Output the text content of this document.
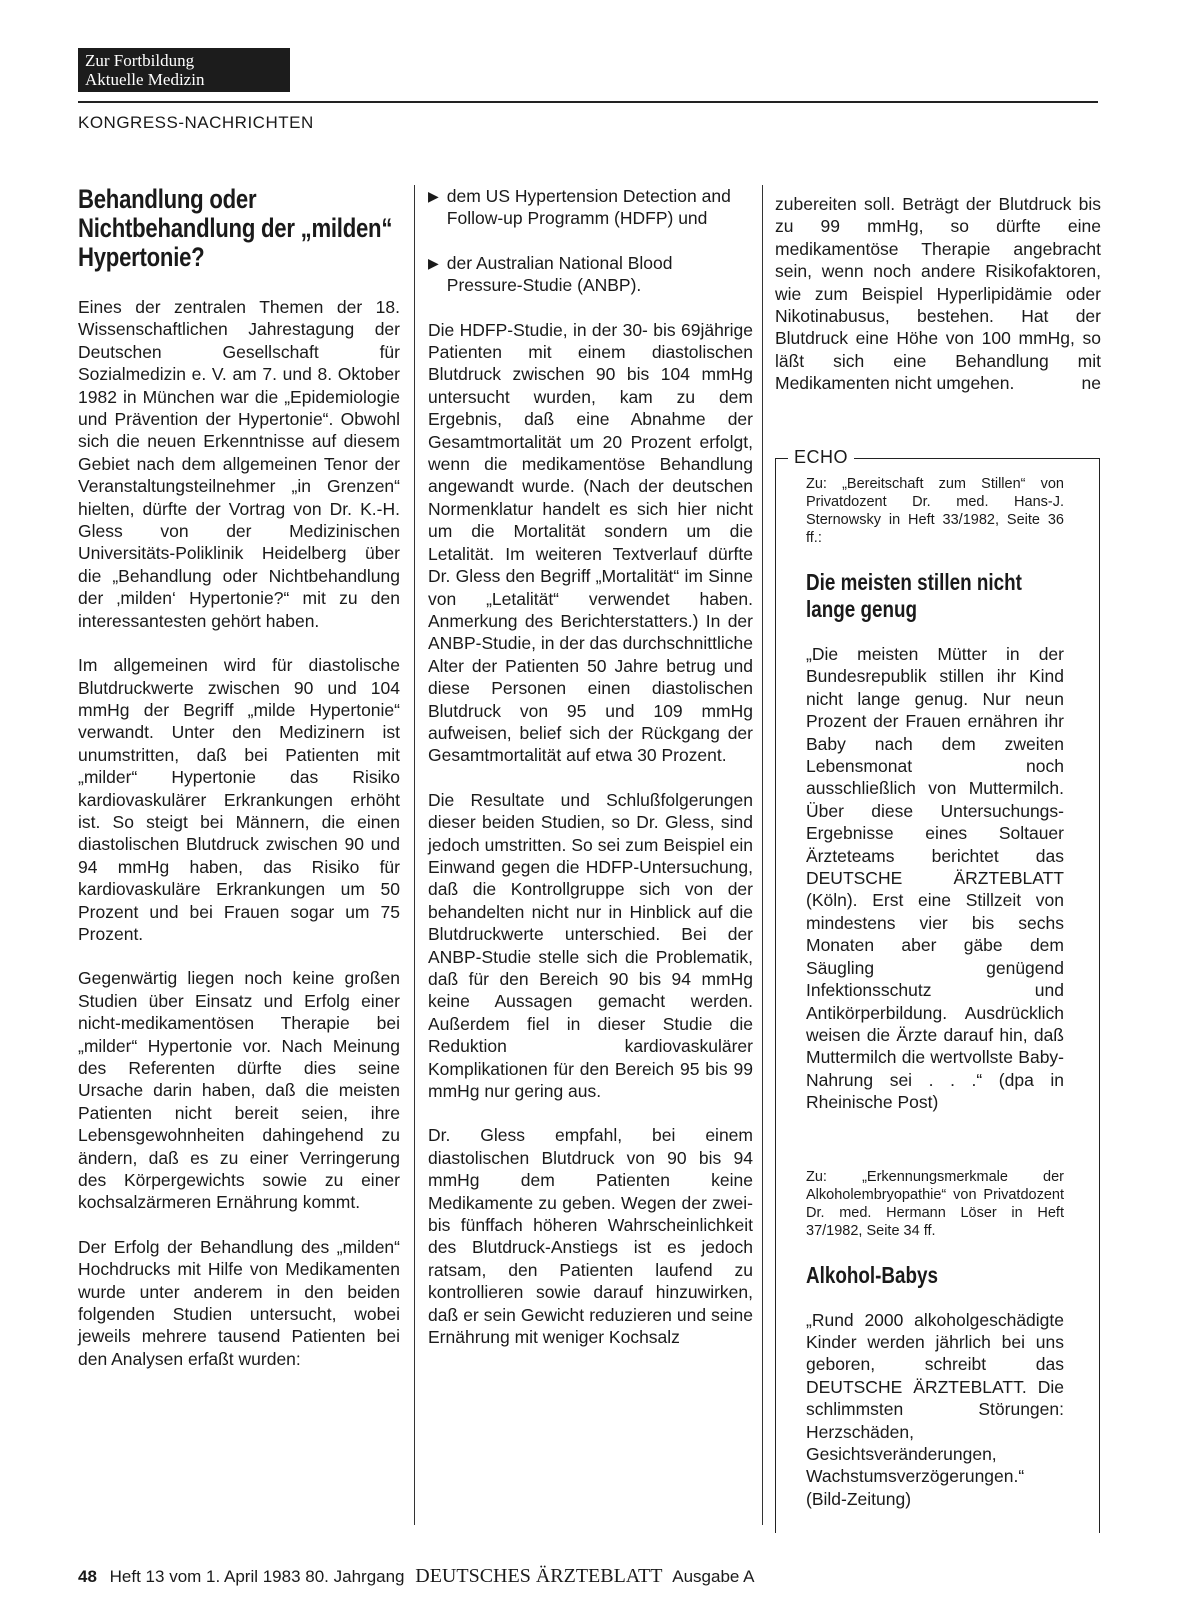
Zur Fortbildung
Aktuelle Medizin
KONGRESS-NACHRICHTEN
Behandlung oder Nichtbehandlung der „milden“ Hypertonie?

Eines der zentralen Themen der 18. Wissenschaftlichen Jahrestagung der Deutschen Gesellschaft für Sozialmedizin e. V. am 7. und 8. Oktober 1982 in München war die „Epidemiologie und Prävention der Hypertonie“. Obwohl sich die neuen Erkenntnisse auf diesem Gebiet nach dem allgemeinen Tenor der Veranstaltungsteilnehmer „in Grenzen“ hielten, dürfte der Vortrag von Dr. K.-H. Gless von der Medizinischen Universitäts-Poliklinik Heidelberg über die „Behandlung oder Nichtbehandlung der ‚milden‘ Hypertonie?“ mit zu den interessantesten gehört haben.

Im allgemeinen wird für diastolische Blutdruckwerte zwischen 90 und 104 mmHg der Begriff „milde Hypertonie“ verwandt. Unter den Medizinern ist unumstritten, daß bei Patienten mit „milder“ Hypertonie das Risiko kardiovaskulärer Erkrankungen erhöht ist. So steigt bei Männern, die einen diastolischen Blutdruck zwischen 90 und 94 mmHg haben, das Risiko für kardiovaskuläre Erkrankungen um 50 Prozent und bei Frauen sogar um 75 Prozent.

Gegenwärtig liegen noch keine großen Studien über Einsatz und Erfolg einer nicht-medikamentösen Therapie bei „milder“ Hypertonie vor. Nach Meinung des Referenten dürfte dies seine Ursache darin haben, daß die meisten Patienten nicht bereit seien, ihre Lebensgewohnheiten dahingehend zu ändern, daß es zu einer Verringerung des Körpergewichts sowie zu einer kochsalzärmeren Ernährung kommt.

Der Erfolg der Behandlung des „milden“ Hochdrucks mit Hilfe von Medikamenten wurde unter anderem in den beiden folgenden Studien untersucht, wobei jeweils mehrere tausend Patienten bei den Analysen erfaßt wurden:

▶ dem US Hypertension Detection and Follow-up Programm (HDFP) und
▶ der Australian National Blood Pressure-Studie (ANBP).

Die HDFP-Studie, in der 30- bis 69jährige Patienten mit einem diastolischen Blutdruck zwischen 90 bis 104 mmHg untersucht wurden, kam zu dem Ergebnis, daß eine Abnahme der Gesamtmortalität um 20 Prozent erfolgt, wenn die medikamentöse Behandlung angewandt wurde. (Nach der deutschen Normenklatur handelt es sich hier nicht um die Mortalität sondern um die Letalität. Im weiteren Textverlauf dürfte Dr. Gless den Begriff „Mortalität“ im Sinne von „Letalität“ verwendet haben. Anmerkung des Berichterstatters.) In der ANBP-Studie, in der das durchschnittliche Alter der Patienten 50 Jahre betrug und diese Personen einen diastolischen Blutdruck von 95 und 109 mmHg aufweisen, belief sich der Rückgang der Gesamtmortalität auf etwa 30 Prozent.

Die Resultate und Schlußfolgerungen dieser beiden Studien, so Dr. Gless, sind jedoch umstritten. So sei zum Beispiel ein Einwand gegen die HDFP-Untersuchung, daß die Kontrollgruppe sich von der behandelten nicht nur in Hinblick auf die Blutdruckwerte unterschied. Bei der ANBP-Studie stelle sich die Problematik, daß für den Bereich 90 bis 94 mmHg keine Aussagen gemacht werden. Außerdem fiel in dieser Studie die Reduktion kardiovaskulärer Komplikationen für den Bereich 95 bis 99 mmHg nur gering aus.

Dr. Gless empfahl, bei einem diastolischen Blutdruck von 90 bis 94 mmHg dem Patienten keine Medikamente zu geben. Wegen der zwei- bis fünffach höheren Wahrscheinlichkeit des Blutdruck-Anstiegs ist es jedoch ratsam, den Patienten laufend zu kontrollieren sowie darauf hinzuwirken, daß er sein Gewicht reduzieren und seine Ernährung mit weniger Kochsalz

zubereiten soll. Beträgt der Blutdruck bis zu 99 mmHg, so dürfte eine medikamentöse Therapie angebracht sein, wenn noch andere Risikofaktoren, wie zum Beispiel Hyperlipidämie oder Nikotinabusus, bestehen. Hat der Blutdruck eine Höhe von 100 mmHg, so läßt sich eine Behandlung mit Medikamenten nicht umgehen.	ne

ECHO

Zu: „Bereitschaft zum Stillen“ von Privatdozent Dr. med. Hans-J. Sternowsky in Heft 33/1982, Seite 36 ff.:

Die meisten stillen nicht lange genug

„Die meisten Mütter in der Bundesrepublik stillen ihr Kind nicht lange genug. Nur neun Prozent der Frauen ernähren ihr Baby nach dem zweiten Lebensmonat noch ausschließlich von Muttermilch. Über diese Untersuchungs-Ergebnisse eines Soltauer Ärzteteams berichtet das DEUTSCHE ÄRZTEBLATT (Köln). Erst eine Stillzeit von mindestens vier bis sechs Monaten aber gäbe dem Säugling genügend Infektionsschutz und Antikörperbildung. Ausdrücklich weisen die Ärzte darauf hin, daß Muttermilch die wertvollste Baby-Nahrung sei . . .“ (dpa in Rheinische Post)

Zu: „Erkennungsmerkmale der Alkoholembryopathie“ von Privatdozent Dr. med. Hermann Löser in Heft 37/1982, Seite 34 ff.

Alkohol-Babys

„Rund 2000 alkoholgeschädigte Kinder werden jährlich bei uns geboren, schreibt das DEUTSCHE ÄRZTEBLATT. Die schlimmsten Störungen: Herzschäden, Gesichtsveränderungen, Wachstumsverzögerungen.“ (Bild-Zeitung)

48 Heft 13 vom 1. April 1983 80. Jahrgang DEUTSCHES ÄRZTEBLATT Ausgabe A
